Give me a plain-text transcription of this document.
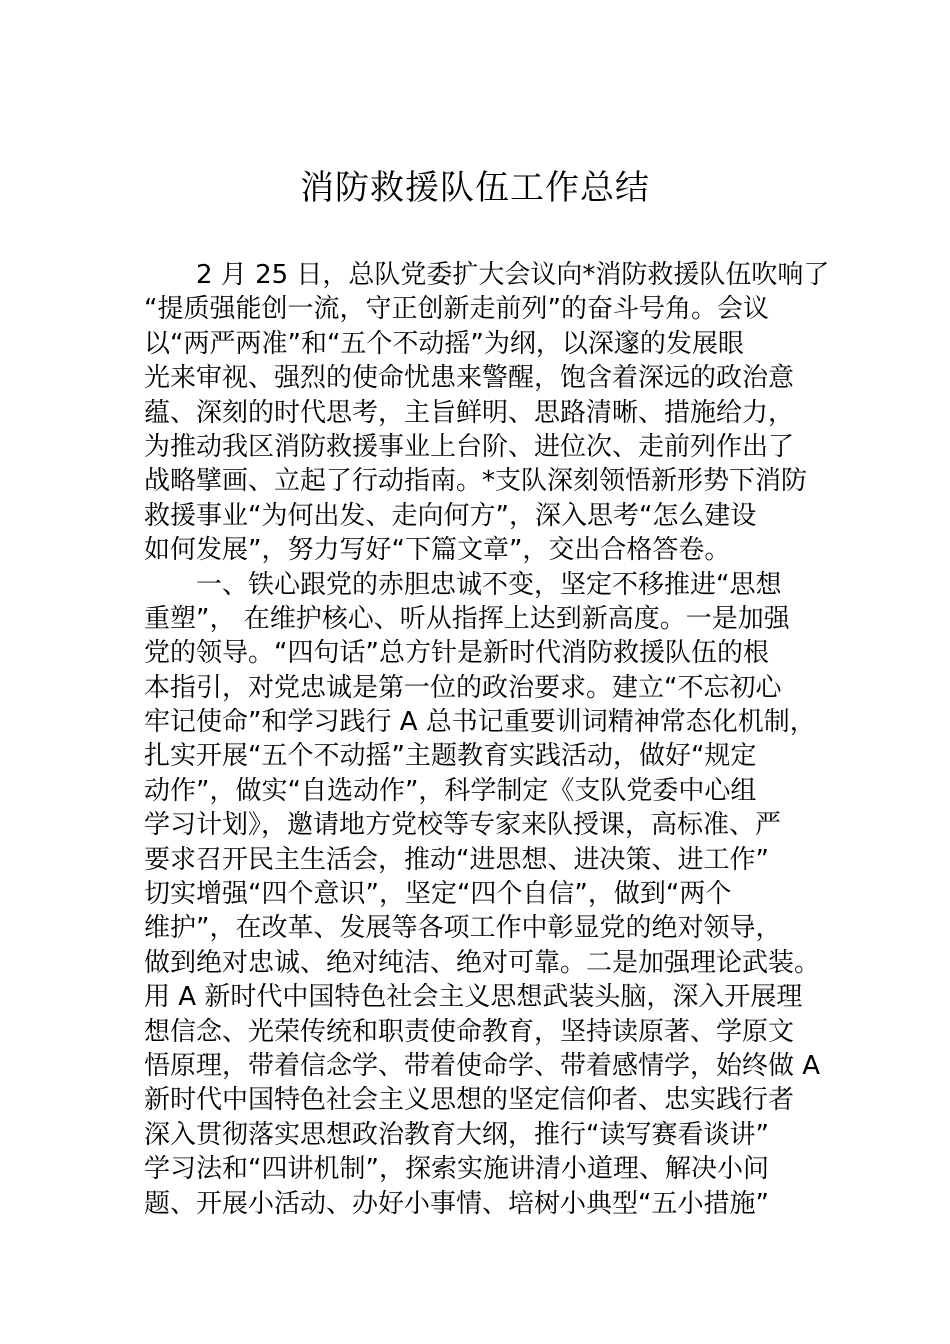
消防救援队伍工作总结
2 月 25 日，总队党委扩大会议向*消防救援队伍吹响了
“提质强能创一流，守正创新走前列”的奋斗号角。会议
以“两严两准”和“五个不动摇”为纲，以深邃的发展眼
光来审视、强烈的使命忧患来警醒，饱含着深远的政治意
蕴、深刻的时代思考，主旨鲜明、思路清晰、措施给力，
为推动我区消防救援事业上台阶、进位次、走前列作出了
战略擘画、立起了行动指南。*支队深刻领悟新形势下消防
救援事业“为何出发、走向何方”，深入思考“怎么建设
如何发展”，努力写好“下篇文章”，交出合格答卷。
一、铁心跟党的赤胆忠诚不变，坚定不移推进“思想
重塑”， 在维护核心、听从指挥上达到新高度。一是加强
党的领导。“四句话”总方针是新时代消防救援队伍的根
本指引，对党忠诚是第一位的政治要求。建立“不忘初心
牢记使命”和学习践行 A 总书记重要训词精神常态化机制，
扎实开展“五个不动摇”主题教育实践活动，做好“规定
动作”，做实“自选动作”，科学制定《支队党委中心组
学习计划》，邀请地方党校等专家来队授课，高标准、严
要求召开民主生活会，推动“进思想、进决策、进工作”
切实增强“四个意识”，坚定“四个自信”，做到“两个
维护”，在改革、发展等各项工作中彰显党的绝对领导，
做到绝对忠诚、绝对纯洁、绝对可靠。二是加强理论武装。
用 A 新时代中国特色社会主义思想武装头脑，深入开展理
想信念、光荣传统和职责使命教育，坚持读原著、学原文
悟原理，带着信念学、带着使命学、带着感情学，始终做 A
新时代中国特色社会主义思想的坚定信仰者、忠实践行者
深入贯彻落实思想政治教育大纲，推行“读写赛看谈讲”
学习法和“四讲机制”，探索实施讲清小道理、解决小问
题、开展小活动、办好小事情、培树小典型“五小措施”
